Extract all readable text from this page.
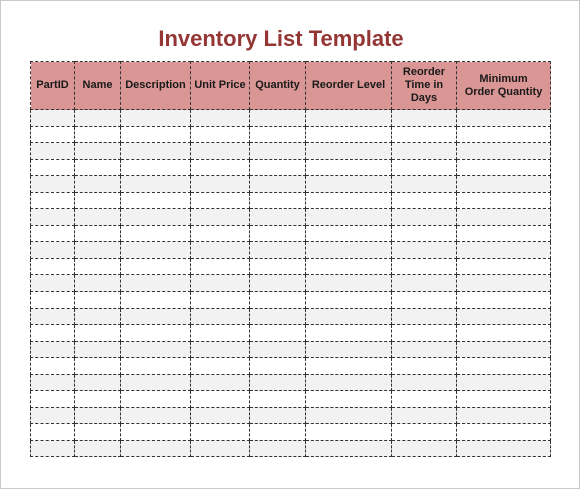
Inventory List Template
PartID	Name	Description	Unit Price	Quantity	Reorder Level	Reorder Time in Days	Minimum Order Quantity
